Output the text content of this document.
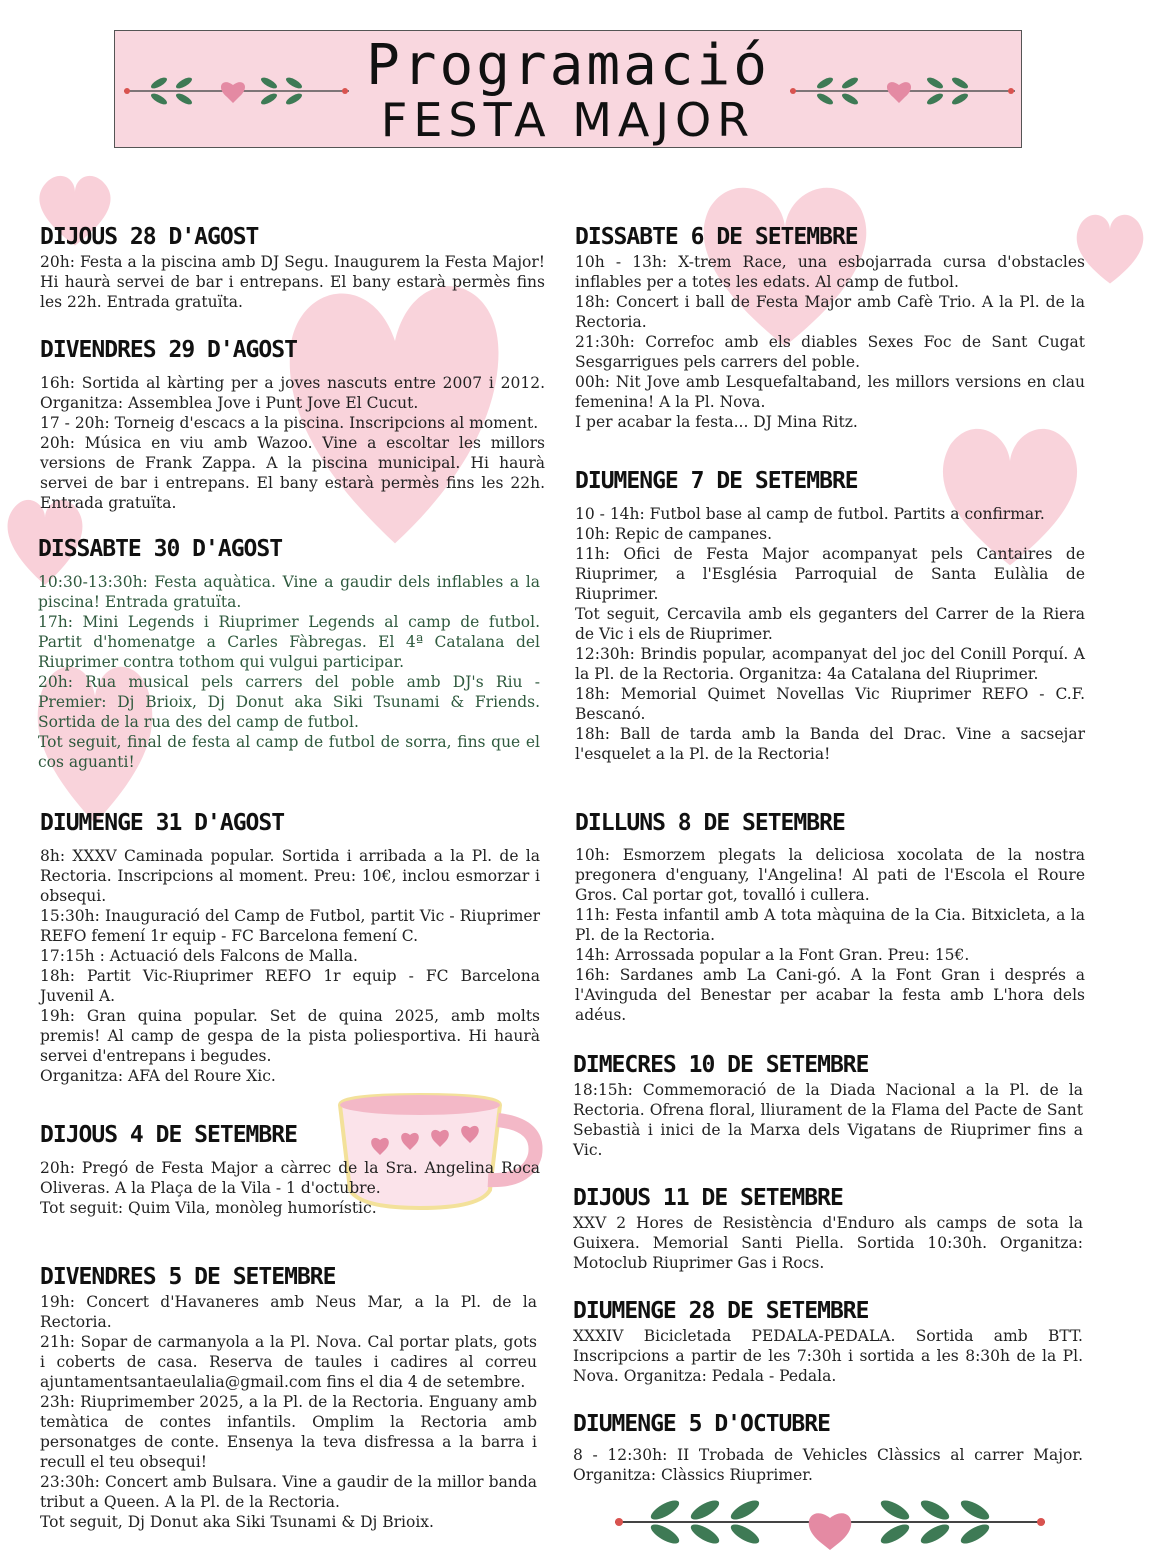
Programació
FESTA MAJOR
DIJOUS 28 D'AGOST

20h: Festa a la piscina amb DJ Segu. Inaugurem la Festa Major! Hi haurà servei de bar i entrepans. El bany estarà permès fins les 22h. Entrada gratuïta.

DIVENDRES 29 D'AGOST

16h: Sortida al kàrting per a joves nascuts entre 2007 i 2012. Organitza: Assemblea Jove i Punt Jove El Cucut.

17 - 20h: Torneig d'escacs a la piscina. Inscripcions al moment.

20h: Música en viu amb Wazoo. Vine a escoltar les millors versions de Frank Zappa. A la piscina municipal. Hi haurà servei de bar i entrepans. El bany estarà permès fins les 22h. Entrada gratuïta.

DISSABTE 30 D'AGOST

10:30-13:30h: Festa aquàtica. Vine a gaudir dels inflables a la piscina! Entrada gratuïta.

17h: Mini Legends i Riuprimer Legends al camp de futbol. Partit d'homenatge a Carles Fàbregas. El 4ª Catalana del Riuprimer contra tothom qui vulgui participar.

20h: Rua musical pels carrers del poble amb DJ's Riu - Premier: Dj Brioix, Dj Donut aka Siki Tsunami & Friends. Sortida de la rua des del camp de futbol.

Tot seguit, final de festa al camp de futbol de sorra, fins que el cos aguanti!

DIUMENGE 31 D'AGOST

8h: XXXV Caminada popular. Sortida i arribada a la Pl. de la Rectoria. Inscripcions al moment. Preu: 10€, inclou esmorzar i obsequi.

15:30h: Inauguració del Camp de Futbol, partit Vic - Riuprimer REFO femení 1r equip - FC Barcelona femení C.

17:15h : Actuació dels Falcons de Malla.

18h: Partit Vic-Riuprimer REFO 1r equip - FC Barcelona Juvenil A.

19h: Gran quina popular. Set de quina 2025, amb molts premis! Al camp de gespa de la pista poliesportiva. Hi haurà servei d'entrepans i begudes.

Organitza: AFA del Roure Xic.

DIJOUS 4 DE SETEMBRE

20h: Pregó de Festa Major a càrrec de la Sra. Angelina Roca Oliveras. A la Plaça de la Vila - 1 d'octubre.

Tot seguit: Quim Vila, monòleg humorístic.

DIVENDRES 5 DE SETEMBRE

19h: Concert d'Havaneres amb Neus Mar, a la Pl. de la Rectoria.

21h: Sopar de carmanyola a la Pl. Nova. Cal portar plats, gots i coberts de casa. Reserva de taules i cadires al correu ajuntamentsantaeulalia@gmail.com fins el dia 4 de setembre.

23h: Riuprimember 2025, a la Pl. de la Rectoria. Enguany amb temàtica de contes infantils. Omplim la Rectoria amb personatges de conte. Ensenya la teva disfressa a la barra i recull el teu obsequi!

23:30h: Concert amb Bulsara. Vine a gaudir de la millor banda tribut a Queen. A la Pl. de la Rectoria.

Tot seguit, Dj Donut aka Siki Tsunami & Dj Brioix.

DISSABTE 6 DE SETEMBRE

10h - 13h: X-trem Race, una esbojarrada cursa d'obstacles inflables per a totes les edats. Al camp de futbol.

18h: Concert i ball de Festa Major amb Cafè Trio. A la Pl. de la Rectoria.

21:30h: Correfoc amb els diables Sexes Foc de Sant Cugat Sesgarrigues pels carrers del poble.

00h: Nit Jove amb Lesquefaltaband, les millors versions en clau femenina! A la Pl. Nova.

I per acabar la festa... DJ Mina Ritz.

DIUMENGE 7 DE SETEMBRE

10 - 14h: Futbol base al camp de futbol. Partits a confirmar.

10h: Repic de campanes.

11h: Ofici de Festa Major acompanyat pels Cantaires de Riuprimer, a l'Església Parroquial de Santa Eulàlia de Riuprimer.

Tot seguit, Cercavila amb els geganters del Carrer de la Riera de Vic i els de Riuprimer.

12:30h: Brindis popular, acompanyat del joc del Conill Porquí. A la Pl. de la Rectoria. Organitza: 4a Catalana del Riuprimer.

18h: Memorial Quimet Novellas Vic Riuprimer REFO - C.F. Bescanó.

18h: Ball de tarda amb la Banda del Drac. Vine a sacsejar l'esquelet a la Pl. de la Rectoria!

DILLUNS 8 DE SETEMBRE

10h: Esmorzem plegats la deliciosa xocolata de la nostra pregonera d'enguany, l'Angelina! Al pati de l'Escola el Roure Gros. Cal portar got, tovalló i cullera.

11h: Festa infantil amb A tota màquina de la Cia. Bitxicleta, a la Pl. de la Rectoria.

14h: Arrossada popular a la Font Gran. Preu: 15€.

16h: Sardanes amb La Cani-gó. A la Font Gran i després a l'Avinguda del Benestar per acabar la festa amb L'hora dels adéus.

DIMECRES 10 DE SETEMBRE

18:15h: Commemoració de la Diada Nacional a la Pl. de la Rectoria. Ofrena floral, lliurament de la Flama del Pacte de Sant Sebastià i inici de la Marxa dels Vigatans de Riuprimer fins a Vic.

DIJOUS 11 DE SETEMBRE

XXV 2 Hores de Resistència d'Enduro als camps de sota la Guixera. Memorial Santi Piella. Sortida 10:30h. Organitza: Motoclub Riuprimer Gas i Rocs.

DIUMENGE 28 DE SETEMBRE

XXXIV Bicicletada PEDALA-PEDALA. Sortida amb BTT. Inscripcions a partir de les 7:30h i sortida a les 8:30h de la Pl. Nova. Organitza: Pedala - Pedala.

DIUMENGE 5 D'OCTUBRE

8 - 12:30h: II Trobada de Vehicles Clàssics al carrer Major. Organitza: Clàssics Riuprimer.
